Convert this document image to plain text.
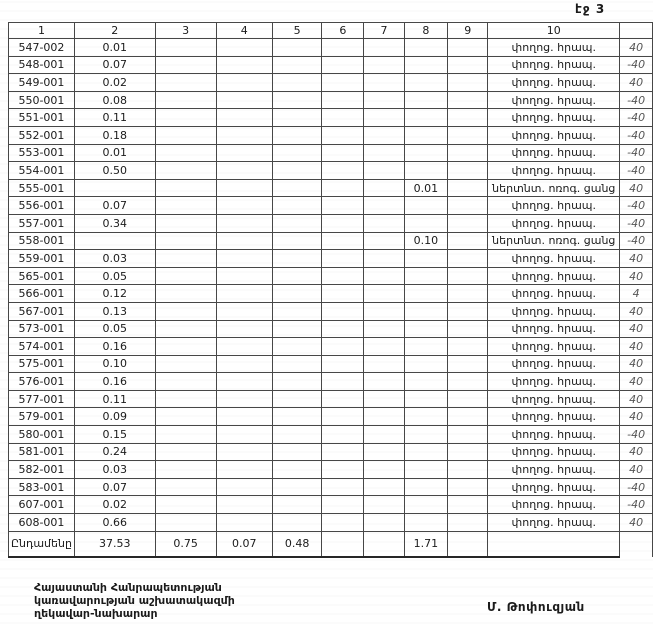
էջ 3
1	2	3	4	5	6	7	8	9	10	
547-002	0.01								փողոց. հրապ.	40
548-001	0.07								փողոց. հրապ.	-40
549-001	0.02								փողոց. հրապ.	40
550-001	0.08								փողոց. հրապ.	-40
551-001	0.11								փողոց. հրապ.	-40
552-001	0.18								փողոց. հրապ.	-40
553-001	0.01								փողոց. հրապ.	-40
554-001	0.50								փողոց. հրապ.	-40
555-001							0.01		ներտնտ. ոռոգ. ցանց	40
556-001	0.07								փողոց. հրապ.	-40
557-001	0.34								փողոց. հրապ.	-40
558-001							0.10		ներտնտ. ոռոգ. ցանց	-40
559-001	0.03								փողոց. հրապ.	40
565-001	0.05								փողոց. հրապ.	40
566-001	0.12								փողոց. հրապ.	4
567-001	0.13								փողոց. հրապ.	40
573-001	0.05								փողոց. հրապ.	40
574-001	0.16								փողոց. հրապ.	40
575-001	0.10								փողոց. հրապ.	40
576-001	0.16								փողոց. հրապ.	40
577-001	0.11								փողոց. հրապ.	40
579-001	0.09								փողոց. հրապ.	40
580-001	0.15								փողոց. հրապ.	-40
581-001	0.24								փողոց. հրապ.	40
582-001	0.03								փողոց. հրապ.	40
583-001	0.07								փողոց. հրապ.	-40
607-001	0.02								փողոց. հրապ.	-40
608-001	0.66								փողոց. հրապ.	40
Ընդամենը	37.53	0.75	0.07	0.48			1.71			
Հայաստանի Հանրապետության
կառավարության աշխատակազմի
ղեկավար-նախարար	Մ. Թոփուզյան
